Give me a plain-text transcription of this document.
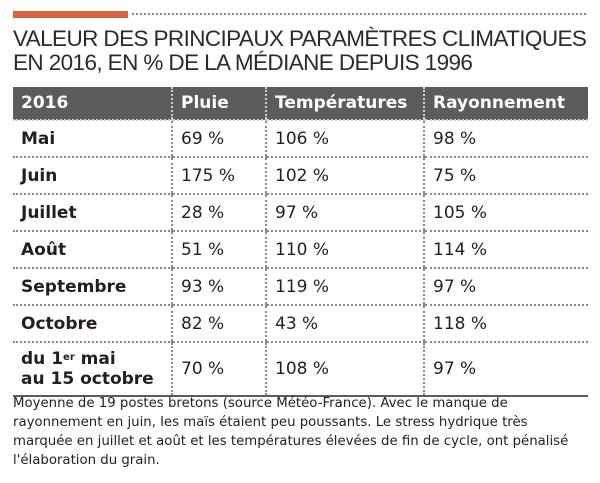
VALEUR DES PRINCIPAUX PARAMÈTRES CLIMATIQUES
EN 2016, EN % DE LA MÉDIANE DEPUIS 1996
2016	Pluie	Températures	Rayonnement
Mai	69 %	106 %	98 %
Juin	175 %	102 %	75 %
Juillet	28 %	97 %	105 %
Août	51 %	110 %	114 %
Septembre	93 %	119 %	97 %
Octobre	82 %	43 %	118 %

du 1er mai
au 15 octobre	70 %	108 %	97 %

Moyenne de 19 postes bretons (source Météo-France). Avec le manque de rayonnement en juin, les maïs étaient peu poussants. Le stress hydrique très marquée en juillet et août et les températures élevées de fin de cycle, ont pénalisé l'élaboration du grain.
